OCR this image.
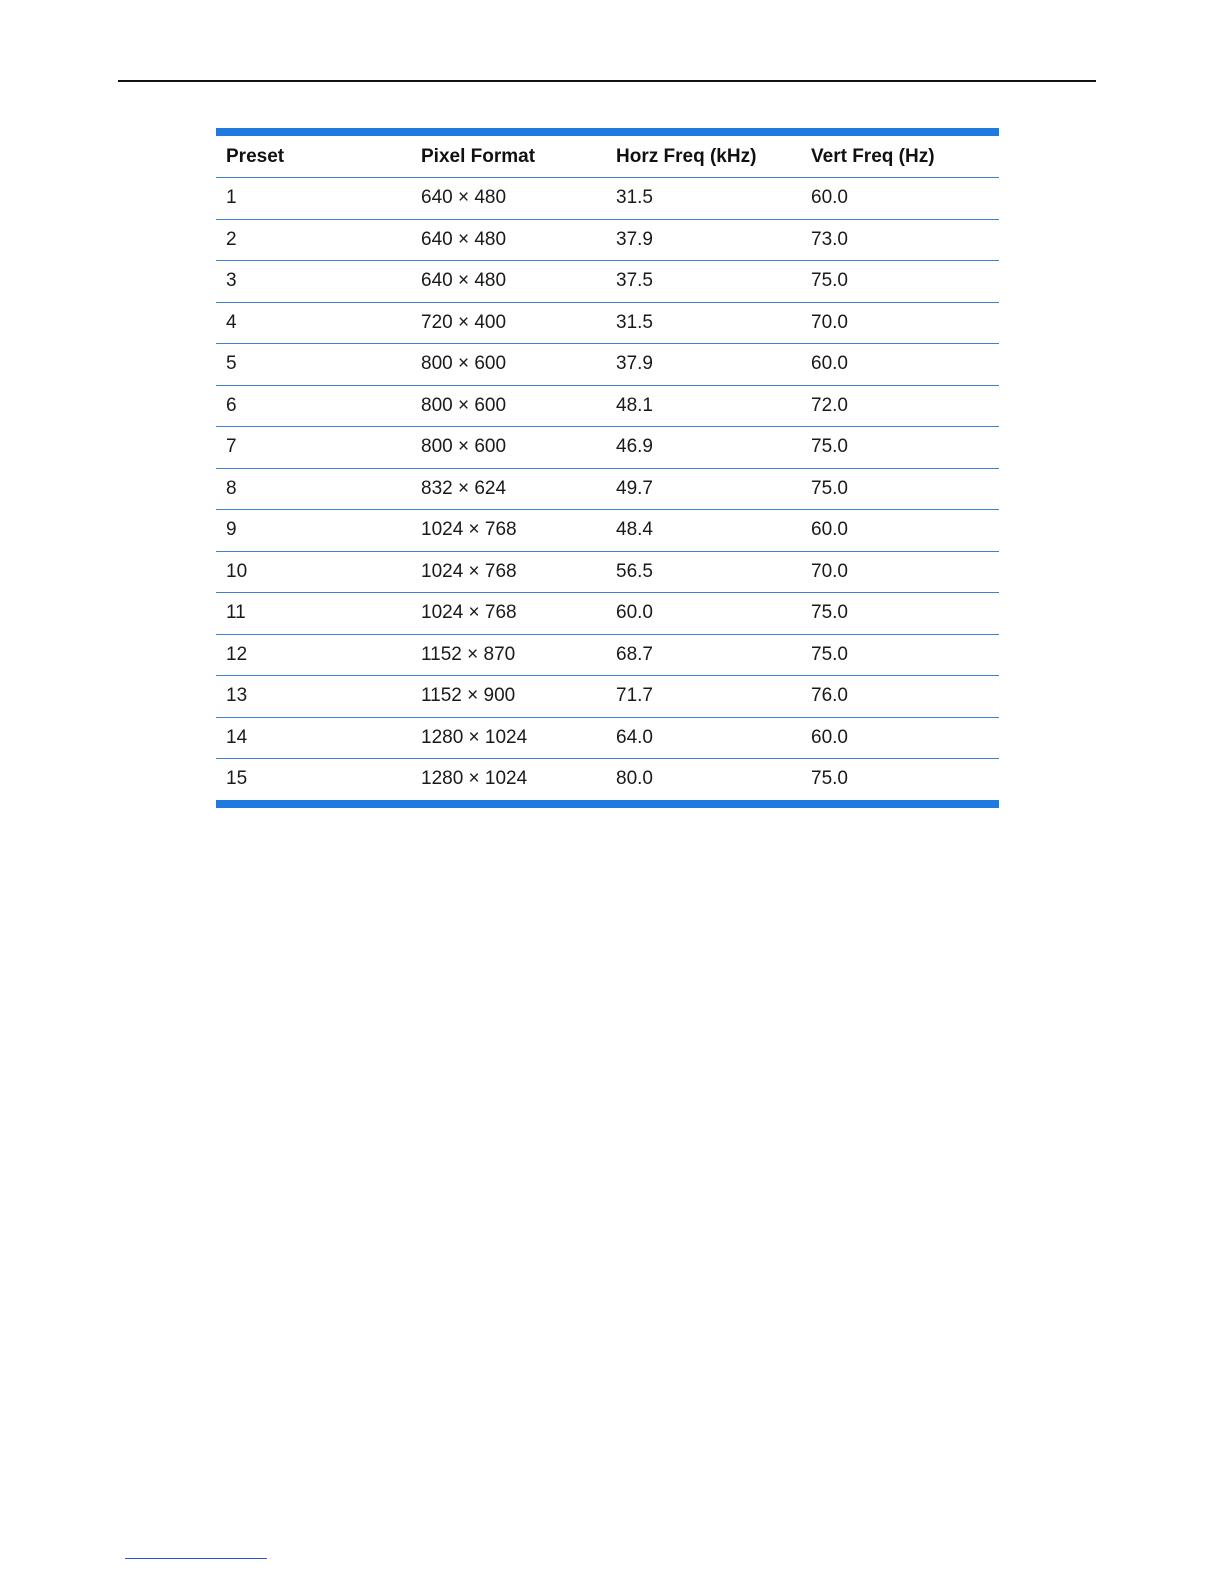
Preset	Pixel Format	Horz Freq (kHz)	Vert Freq (Hz)
1	640 × 480	31.5	60.0
2	640 × 480	37.9	73.0
3	640 × 480	37.5	75.0
4	720 × 400	31.5	70.0
5	800 × 600	37.9	60.0
6	800 × 600	48.1	72.0
7	800 × 600	46.9	75.0
8	832 × 624	49.7	75.0
9	1024 × 768	48.4	60.0
10	1024 × 768	56.5	70.0
11	1024 × 768	60.0	75.0
12	1152 × 870	68.7	75.0
13	1152 × 900	71.7	76.0
14	1280 × 1024	64.0	60.0
15	1280 × 1024	80.0	75.0
